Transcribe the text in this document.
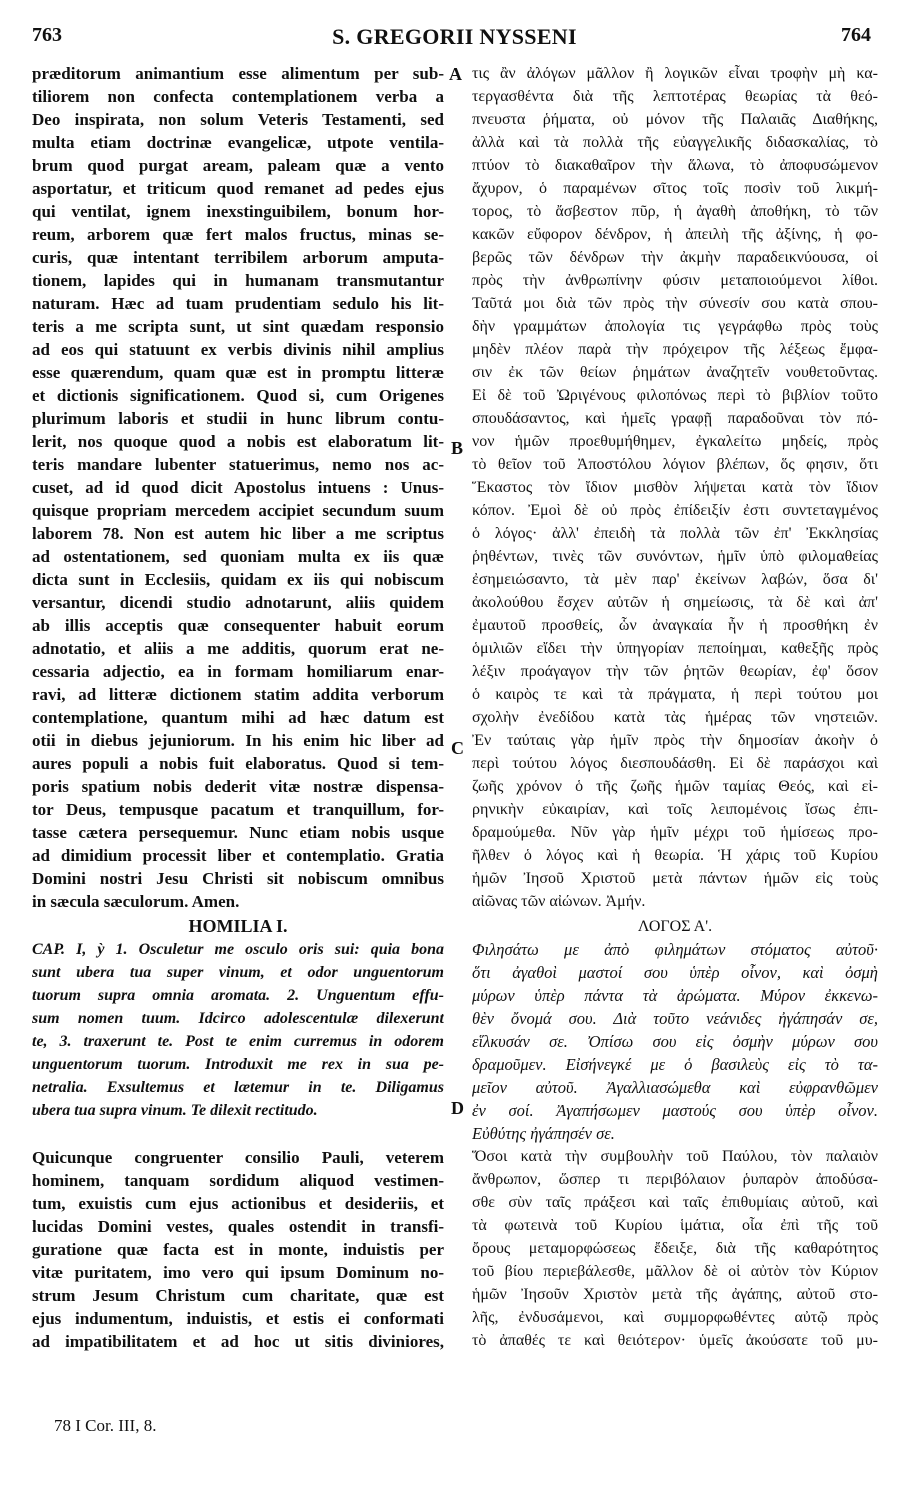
763	S. GREGORII NYSSENI	764
præditorum animantium esse alimentum per sub-
tiliorem non confecta contemplationem verba a
Deo inspirata, non solum Veteris Testamenti, sed
multa etiam doctrinæ evangelicæ, utpote ventila-
brum quod purgat aream, paleam quæ a vento
asportatur, et triticum quod remanet ad pedes ejus
qui ventilat, ignem inexstinguibilem, bonum hor-
reum, arborem quæ fert malos fructus, minas se-
curis, quæ intentant terribilem arborum amputa-
tionem, lapides qui in humanam transmutantur
naturam. Hæc ad tuam prudentiam sedulo his lit-
teris a me scripta sunt, ut sint quædam responsio
ad eos qui statuunt ex verbis divinis nihil amplius
esse quærendum, quam quæ est in promptu litteræ
et dictionis significationem. Quod si, cum Origenes
plurimum laboris et studii in hunc librum contu-
lerit, nos quoque quod a nobis est elaboratum lit-
teris mandare lubenter statuerimus, nemo nos ac-
cuset, ad id quod dicit Apostolus intuens : Unus-
quisque propriam mercedem accipiet secundum suum
laborem 78. Non est autem hic liber a me scriptus
ad ostentationem, sed quoniam multa ex iis quæ
dicta sunt in Ecclesiis, quidam ex iis qui nobiscum
versantur, dicendi studio adnotarunt, aliis quidem
ab illis acceptis quæ consequenter habuit eorum
adnotatio, et aliis a me additis, quorum erat ne-
cessaria adjectio, ea in formam homiliarum enar-
ravi, ad litteræ dictionem statim addita verborum
contemplatione, quantum mihi ad hæc datum est
otii in diebus jejuniorum. In his enim hic liber ad
aures populi a nobis fuit elaboratus. Quod si tem-
poris spatium nobis dederit vitæ nostræ dispensa-
tor Deus, tempusque pacatum et tranquillum, for-
tasse cætera persequemur. Nunc etiam nobis usque
ad dimidium processit liber et contemplatio. Gratia
Domini nostri Jesu Christi sit nobiscum omnibus
in sæcula sæculorum. Amen.
HOMILIA I.
CAP. I, ỳ 1. Osculetur me osculo oris sui: quia bona
sunt ubera tua super vinum, et odor unguentorum
tuorum supra omnia aromata. 2. Unguentum effu-
sum nomen tuum. Idcirco adolescentulæ dilexerunt
te, 3. traxerunt te. Post te enim curremus in odorem
unguentorum tuorum. Introduxit me rex in sua pe-
netralia. Exsultemus et lætemur in te. Diligamus
ubera tua supra vinum. Te dilexit rectitudo.
Quicunque congruenter consilio Pauli, veterem
hominem, tanquam sordidum aliquod vestimen-
tum, exuistis cum ejus actionibus et desideriis, et
lucidas Domini vestes, quales ostendit in transfi-
guratione quæ facta est in monte, induistis per
vitæ puritatem, imo vero qui ipsum Dominum no-
strum Jesum Christum cum charitate, quæ est
ejus indumentum, induistis, et estis ei conformati
ad impatibilitatem et ad hoc ut sitis diviniores,
τις ἂν ἀλόγων μᾶλλον ἢ λογικῶν εἶναι τροφὴν μὴ κα-
τεργασθέντα διὰ τῆς λεπτοτέρας θεωρίας τὰ θεό-
πνευστα ῥήματα, οὐ μόνον τῆς Παλαιᾶς Διαθήκης,
ἀλλὰ καὶ τὰ πολλὰ τῆς εὐαγγελικῆς διδασκαλίας, τὸ
πτύον τὸ διακαθαῖρον τὴν ἅλωνα, τὸ ἀποφυσώμενον
ἄχυρον, ὁ παραμένων σῖτος τοῖς ποσὶν τοῦ λικμή-
τορος, τὸ ἄσβεστον πῦρ, ἡ ἀγαθὴ ἀποθήκη, τὸ τῶν
κακῶν εὔφορον δένδρον, ἡ ἀπειλὴ τῆς ἀξίνης, ἡ φο-
βερῶς τῶν δένδρων τὴν ἀκμὴν παραδεικνύουσα, οἱ
πρὸς τὴν ἀνθρωπίνην φύσιν μεταποιούμενοι λίθοι.
Ταῦτά μοι διὰ τῶν πρὸς τὴν σύνεσίν σου κατὰ σπου-
δὴν γραμμάτων ἀπολογία τις γεγράφθω πρὸς τοὺς
μηδὲν πλέον παρὰ τὴν πρόχειρον τῆς λέξεως ἔμφα-
σιν ἐκ τῶν θείων ῥημάτων ἀναζητεῖν νουθετοῦντας.
Εἰ δὲ τοῦ Ὠριγένους φιλοπόνως περὶ τὸ βιβλίον τοῦτο
σπουδάσαντος, καὶ ἡμεῖς γραφῇ παραδοῦναι τὸν πό-
νον ἡμῶν προεθυμήθημεν, ἐγκαλείτω μηδείς, πρὸς
τὸ θεῖον τοῦ Ἀποστόλου λόγιον βλέπων, ὅς φησιν, ὅτι
Ἕκαστος τὸν ἴδιον μισθὸν λήψεται κατὰ τὸν ἴδιον
κόπον. Ἐμοὶ δὲ οὐ πρὸς ἐπίδειξίν ἐστι συντεταγμένος
ὁ λόγος· ἀλλ' ἐπειδὴ τὰ πολλὰ τῶν ἐπ' Ἐκκλησίας
ῥηθέντων, τινὲς τῶν συνόντων, ἡμῖν ὑπὸ φιλομαθείας
ἐσημειώσαντο, τὰ μὲν παρ' ἐκείνων λαβών, ὅσα δι'
ἀκολούθου ἔσχεν αὐτῶν ἡ σημείωσις, τὰ δὲ καὶ ἀπ'
ἐμαυτοῦ προσθείς, ὧν ἀναγκαία ἦν ἡ προσθήκη ἐν
ὁμιλιῶν εἴδει τὴν ὑπηγορίαν πεποίημαι, καθεξῆς πρὸς
λέξιν προάγαγον τὴν τῶν ῥητῶν θεωρίαν, ἐφ' ὅσον
ὁ καιρὸς τε καὶ τὰ πράγματα, ἡ περὶ τούτου μοι
σχολὴν ἐνεδίδου κατὰ τὰς ἡμέρας τῶν νηστειῶν.
Ἐν ταύταις γὰρ ἡμῖν πρὸς τὴν δημοσίαν ἀκοὴν ὁ
περὶ τούτου λόγος διεσπουδάσθη. Εἰ δὲ παράσχοι καὶ
ζωῆς χρόνον ὁ τῆς ζωῆς ἡμῶν ταμίας Θεός, καὶ εἰ-
ρηνικὴν εὐκαιρίαν, καὶ τοῖς λειπομένοις ἴσως ἐπι-
δραμούμεθα. Νῦν γὰρ ἡμῖν μέχρι τοῦ ἡμίσεως προ-
ῆλθεν ὁ λόγος καὶ ἡ θεωρία. Ἡ χάρις τοῦ Κυρίου
ἡμῶν Ἰησοῦ Χριστοῦ μετὰ πάντων ἡμῶν εἰς τοὺς
αἰῶνας τῶν αἰώνων. Ἀμήν.
ΛΟΓΟΣ Α'.
Φιλησάτω με ἀπὸ φιλημάτων στόματος αὐτοῦ·
ὅτι ἀγαθοὶ μαστοί σου ὑπὲρ οἶνον, καὶ ὀσμὴ
μύρων ὑπὲρ πάντα τὰ ἀρώματα. Μύρον ἐκκενω-
θὲν ὄνομά σου. Διὰ τοῦτο νεάνιδες ἠγάπησάν σε,
εἵλκυσάν σε. Ὀπίσω σου εἰς ὀσμὴν μύρων σου
δραμοῦμεν. Εἰσήνεγκέ με ὁ βασιλεὺς εἰς τὸ τα-
μεῖον αὐτοῦ. Ἀγαλλιασώμεθα καὶ εὐφρανθῶμεν
ἐν σοί. Ἀγαπήσωμεν μαστούς σου ὑπὲρ οἶνον.
Εὐθύτης ἠγάπησέν σε.
Ὅσοι κατὰ τὴν συμβουλὴν τοῦ Παύλου, τὸν παλαιὸν
ἄνθρωπον, ὥσπερ τι περιβόλαιον ῥυπαρὸν ἀποδύσα-
σθε σὺν ταῖς πράξεσι καὶ ταῖς ἐπιθυμίαις αὐτοῦ, καὶ
τὰ φωτεινὰ τοῦ Κυρίου ἱμάτια, οἷα ἐπὶ τῆς τοῦ
ὄρους μεταμορφώσεως ἔδειξε, διὰ τῆς καθαρότητος
τοῦ βίου περιεβάλεσθε, μᾶλλον δὲ οἱ αὐτὸν τὸν Κύριον
ἡμῶν Ἰησοῦν Χριστὸν μετὰ τῆς ἀγάπης, αὐτοῦ στο-
λῆς, ἐνδυσάμενοι, καὶ συμμορφωθέντες αὐτῷ πρὸς
τὸ ἀπαθές τε καὶ θειότερον· ὑμεῖς ἀκούσατε τοῦ μυ-
A
B
C
D
78 I Cor. III, 8.
